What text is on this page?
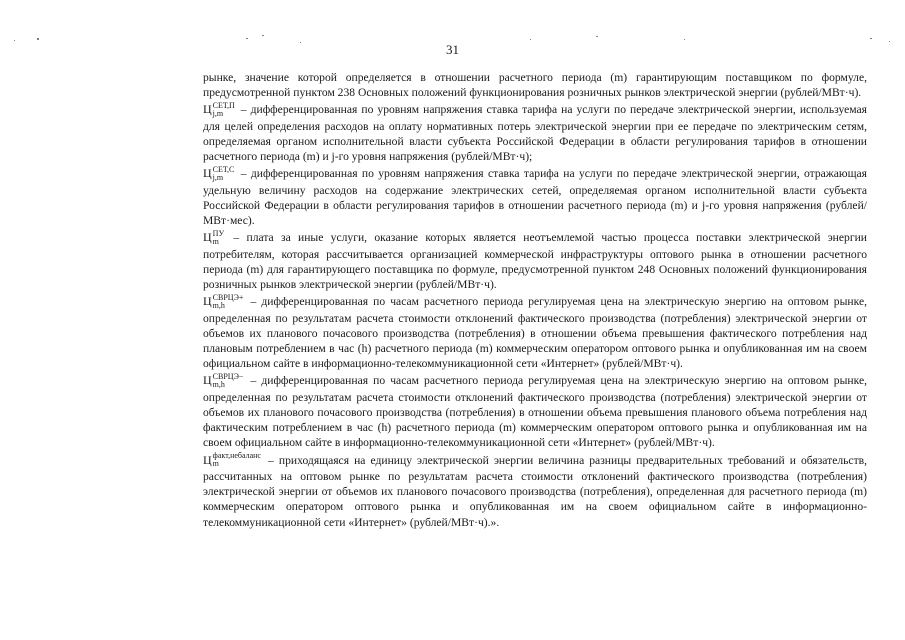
31

рынке, значение которой определяется в отношении расчетного периода (m) гарантирующим поставщиком по формуле, предусмотренной пунктом 238 Основных положений функционирования розничных рынков электрической энергии (рублей/МВт·ч).

Ц СЕТ,П
j,m	– дифференцированная по уровням напряжения ставка тарифа на услуги по передаче электрической энергии, используемая для целей определения расходов на оплату нормативных потерь электрической энергии при ее передаче по электрическим сетям, определяемая органом исполнительной власти субъекта Российской Федерации в области регулирования тарифов в отношении расчетного периода (m) и j-го уровня напряжения (рублей/МВт·ч);

Ц СЕТ,С
j,m	– дифференцированная по уровням напряжения ставка тарифа на услуги по передаче электрической энергии, отражающая удельную величину расходов на содержание электрических сетей, определяемая органом исполнительной власти субъекта Российской Федерации в области регулирования тарифов в отношении расчетного периода (m) и j-го уровня напряжения (рублей/МВт·мес).

Ц ПУ
m	– плата за иные услуги, оказание которых является неотъемлемой частью процесса поставки электрической энергии потребителям, которая рассчитывается организацией коммерческой инфраструктуры оптового рынка в отношении расчетного периода (m) для гарантирующего поставщика по формуле, предусмотренной пунктом 248 Основных положений функционирования розничных рынков электрической энергии (рублей/МВт·ч).

Ц СВРЦЭ+
m,h	– дифференцированная по часам расчетного периода регулируемая цена на электрическую энергию на оптовом рынке, определенная по результатам расчета стоимости отклонений фактического производства (потребления) электрической энергии от объемов их планового почасового производства (потребления) в отношении объема превышения фактического потребления над плановым потреблением в час (h) расчетного периода (m) коммерческим оператором оптового рынка и опубликованная им на своем официальном сайте в информационно-телекоммуникационной сети «Интернет» (рублей/МВт·ч).

Ц СВРЦЭ−
m,h	– дифференцированная по часам расчетного периода регулируемая цена на электрическую энергию на оптовом рынке, определенная по результатам расчета стоимости отклонений фактического производства (потребления) электрической энергии от объемов их планового почасового производства (потребления) в отношении объема превышения планового объема потребления над фактическим потреблением в час (h) расчетного периода (m) коммерческим оператором оптового рынка и опубликованная им на своем официальном сайте в информационно-телекоммуникационной сети «Интернет» (рублей/МВт·ч).

Ц факт,небаланс
m	– приходящаяся на единицу электрической энергии величина разницы предварительных требований и обязательств, рассчитанных на оптовом рынке по результатам расчета стоимости отклонений фактического производства (потребления) электрической энергии от объемов их планового почасового производства (потребления), определенная для расчетного периода (m) коммерческим оператором оптового рынка и опубликованная им на своем официальном сайте в информационно-телекоммуникационной сети «Интернет» (рублей/МВт·ч).».
